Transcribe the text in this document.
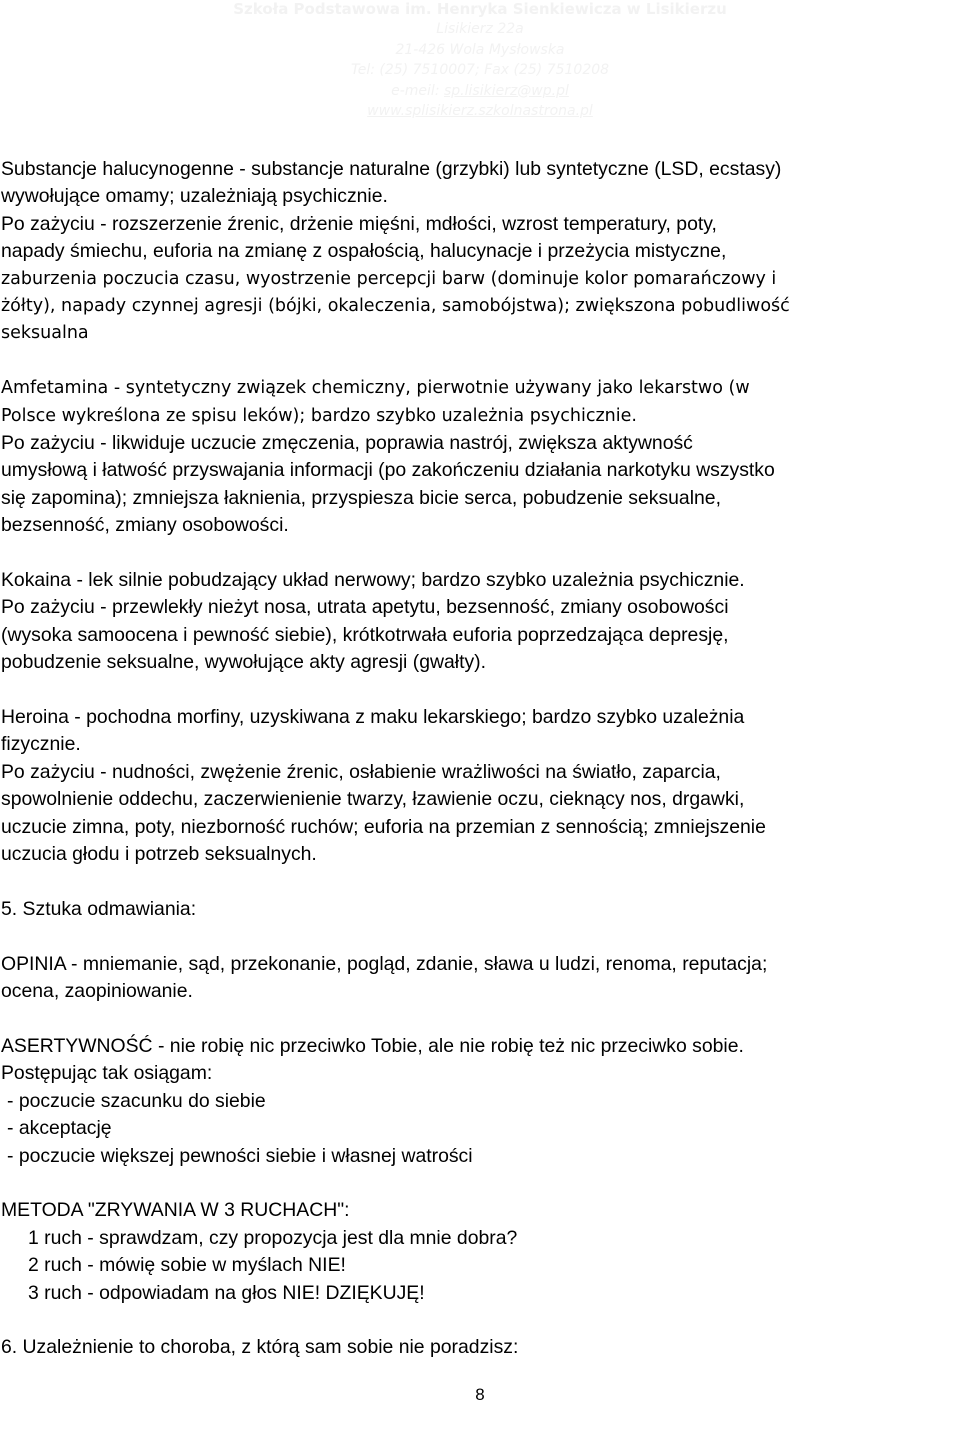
Szkoła Podstawowa im. Henryka Sienkiewicza w Lisikierzu
Lisikierz 22a
21-426 Wola Mysłowska
Tel: (25) 7510007; Fax (25) 7510208
e-meil: sp.lisikierz@wp.pl
www.splisikierz.szkolnastrona.pl

Substancje halucynogenne - substancje naturalne (grzybki) lub syntetyczne (LSD, ecstasy)

wywołujące omamy; uzależniają psychicznie.

Po zażyciu - rozszerzenie źrenic, drżenie mięśni, mdłości, wzrost temperatury, poty,

napady śmiechu, euforia na zmianę z ospałością, halucynacje i przeżycia mistyczne,

zaburzenia poczucia czasu, wyostrzenie percepcji barw (dominuje kolor pomarańczowy i

żółty), napady czynnej agresji (bójki, okaleczenia, samobójstwa); zwiększona pobudliwość

seksualna

Amfetamina - syntetyczny związek chemiczny, pierwotnie używany jako lekarstwo (w

Polsce wykreślona ze spisu leków); bardzo szybko uzależnia psychicznie.

Po zażyciu - likwiduje uczucie zmęczenia, poprawia nastrój, zwiększa aktywność

umysłową i łatwość przyswajania informacji (po zakończeniu działania narkotyku wszystko

się zapomina); zmniejsza łaknienia, przyspiesza bicie serca, pobudzenie seksualne,

bezsenność, zmiany osobowości.

Kokaina - lek silnie pobudzający układ nerwowy; bardzo szybko uzależnia psychicznie.

Po zażyciu - przewlekły nieżyt nosa, utrata apetytu, bezsenność, zmiany osobowości

(wysoka samoocena i pewność siebie), krótkotrwała euforia poprzedzająca depresję,

pobudzenie seksualne, wywołujące akty agresji (gwałty).

Heroina - pochodna morfiny, uzyskiwana z maku lekarskiego; bardzo szybko uzależnia

fizycznie.

Po zażyciu - nudności, zwężenie źrenic, osłabienie wrażliwości na światło, zaparcia,

spowolnienie oddechu, zaczerwienienie twarzy, łzawienie oczu, cieknący nos, drgawki,

uczucie zimna, poty, niezborność ruchów; euforia na przemian z sennością; zmniejszenie

uczucia głodu i potrzeb seksualnych.

5. Sztuka odmawiania:

OPINIA - mniemanie, sąd, przekonanie, pogląd, zdanie, sława u ludzi, renoma, reputacja;

ocena, zaopiniowanie.

ASERTYWNOŚĆ - nie robię nic przeciwko Tobie, ale nie robię też nic przeciwko sobie.

Postępując tak osiągam:

- poczucie szacunku do siebie

- akceptację

- poczucie większej pewności siebie i własnej watrości

METODA "ZRYWANIA W 3 RUCHACH":

1 ruch - sprawdzam, czy propozycja jest dla mnie dobra?

2 ruch - mówię sobie w myślach NIE!

3 ruch - odpowiadam na głos NIE! DZIĘKUJĘ!

6. Uzależnienie to choroba, z którą sam sobie nie poradzisz:

8
